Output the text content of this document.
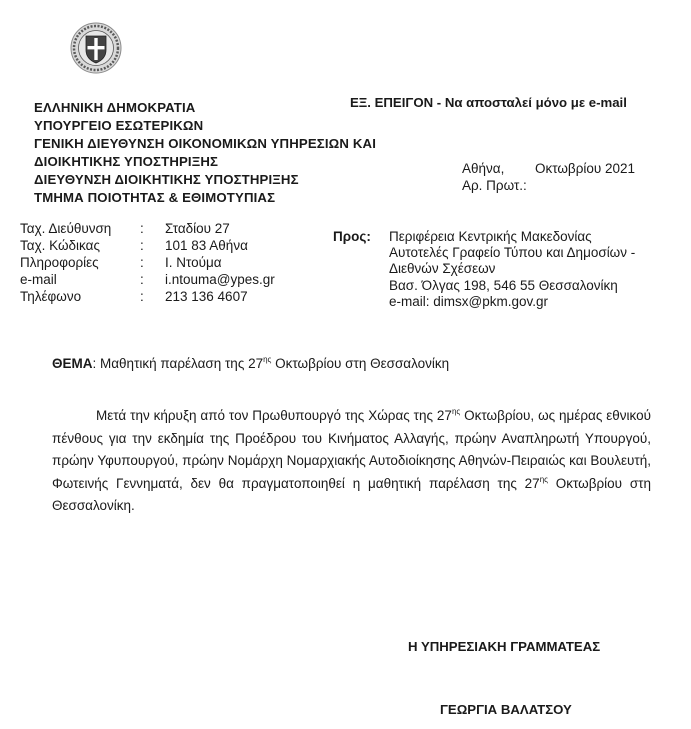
ΕΛΛΗΝΙΚΗ ΔΗΜΟΚΡΑΤΙΑ
ΥΠΟΥΡΓΕΙΟ ΕΣΩΤΕΡΙΚΩΝ
ΓΕΝΙΚΗ ΔΙΕΥΘΥΝΣΗ ΟΙΚΟΝΟΜΙΚΩΝ ΥΠΗΡΕΣΙΩΝ ΚΑΙ
ΔΙΟΙΚΗΤΙΚΗΣ ΥΠΟΣΤΗΡΙΞΗΣ
ΔΙΕΥΘΥΝΣΗ ΔΙΟΙΚΗΤΙΚΗΣ ΥΠΟΣΤΗΡΙΞΗΣ
ΤΜΗΜΑ ΠΟΙΟΤΗΤΑΣ & ΕΘΙΜΟΤΥΠΙΑΣ
ΕΞ. ΕΠΕΙΓΟΝ - Να αποσταλεί μόνο με e-mail
Αθήνα, Οκτωβρίου 2021
Αρ. Πρωτ.:
Ταχ. Διεύθυνση : Σταδίου 27
Ταχ. Κώδικας	: 101 83 Αθήνα
Πληροφορίες	: Ι. Ντούμα
e-mail	: i.ntouma@ypes.gr
Τηλέφωνο	: 213 136 4607
Προς: Περιφέρεια Κεντρικής Μακεδονίας
Αυτοτελές Γραφείο Τύπου και Δημοσίων -
Διεθνών Σχέσεων
Βασ. Όλγας 198, 546 55 Θεσσαλονίκη
e-mail: dimsx@pkm.gov.gr
ΘΕΜΑ: Μαθητική παρέλαση της $27^{\eta\varsigma}$ Οκτωβρίου στη Θεσσαλονίκη
Μετά την κήρυξη από τον Πρωθυπουργό της Χώρας της $27^{\eta\varsigma}$ Οκτωβρίου, ως ημέρας εθνικού πένθους για την εκδημία της Προέδρου του Κινήματος Αλλαγής, πρώην Αναπληρωτή Υπουργού, πρώην Υφυπουργού, πρώην Νομάρχη Νομαρχιακής Αυτοδιοίκησης Αθηνών-Πειραιώς και Βουλευτή, Φωτεινής Γεννηματά, δεν θα πραγματοποιηθεί η μαθητική παρέλαση της $27^{\eta\varsigma}$ Οκτωβρίου στη Θεσσαλονίκη.
Η ΥΠΗΡΕΣΙΑΚΗ ΓΡΑΜΜΑΤΕΑΣ
ΓΕΩΡΓΙΑ ΒΑΛΑΤΣΟΥ
